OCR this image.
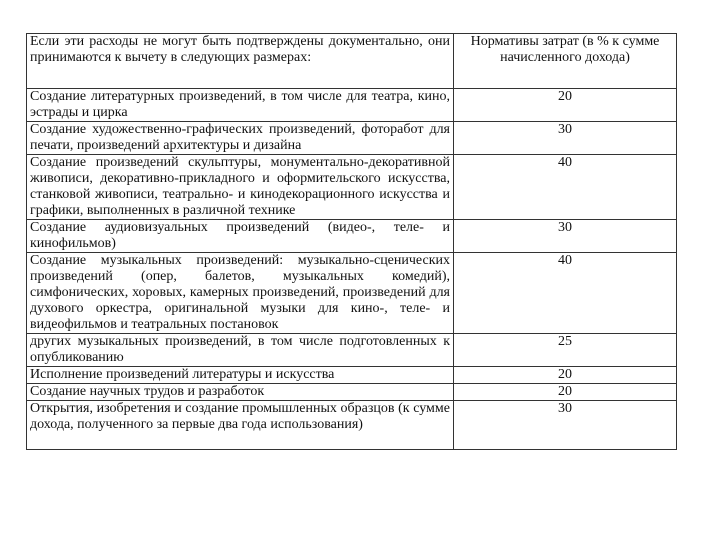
Если эти расходы не могут быть подтверждены документально, они принимаются к вычету в следующих размерах:	Нормативы затрат (в % к сумме начисленного дохода)
Создание литературных произведений, в том числе для театра, кино, эстрады и цирка	20
Создание художественно-графических произведений, фоторабот для печати, произведений архитектуры и дизайна	30
Создание произведений скульптуры, монументально-декоративной живописи, декоративно-прикладного и оформительского искусства, станковой живописи, театрально- и кинодекорационного искусства и графики, выполненных в различной технике	40
Создание аудиовизуальных произведений (видео-, теле- и кинофильмов)	30
Создание музыкальных произведений: музыкально-сценических произведений (опер, балетов, музыкальных комедий), симфонических, хоровых, камерных произведений, произведений для духового оркестра, оригинальной музыки для кино-, теле- и видеофильмов и театральных постановок	40
других музыкальных произведений, в том числе подготовленных к опубликованию	25
Исполнение произведений литературы и искусства	20
Создание научных трудов и разработок	20
Открытия, изобретения и создание промышленных образцов (к сумме дохода, полученного за первые два года использования)	30
